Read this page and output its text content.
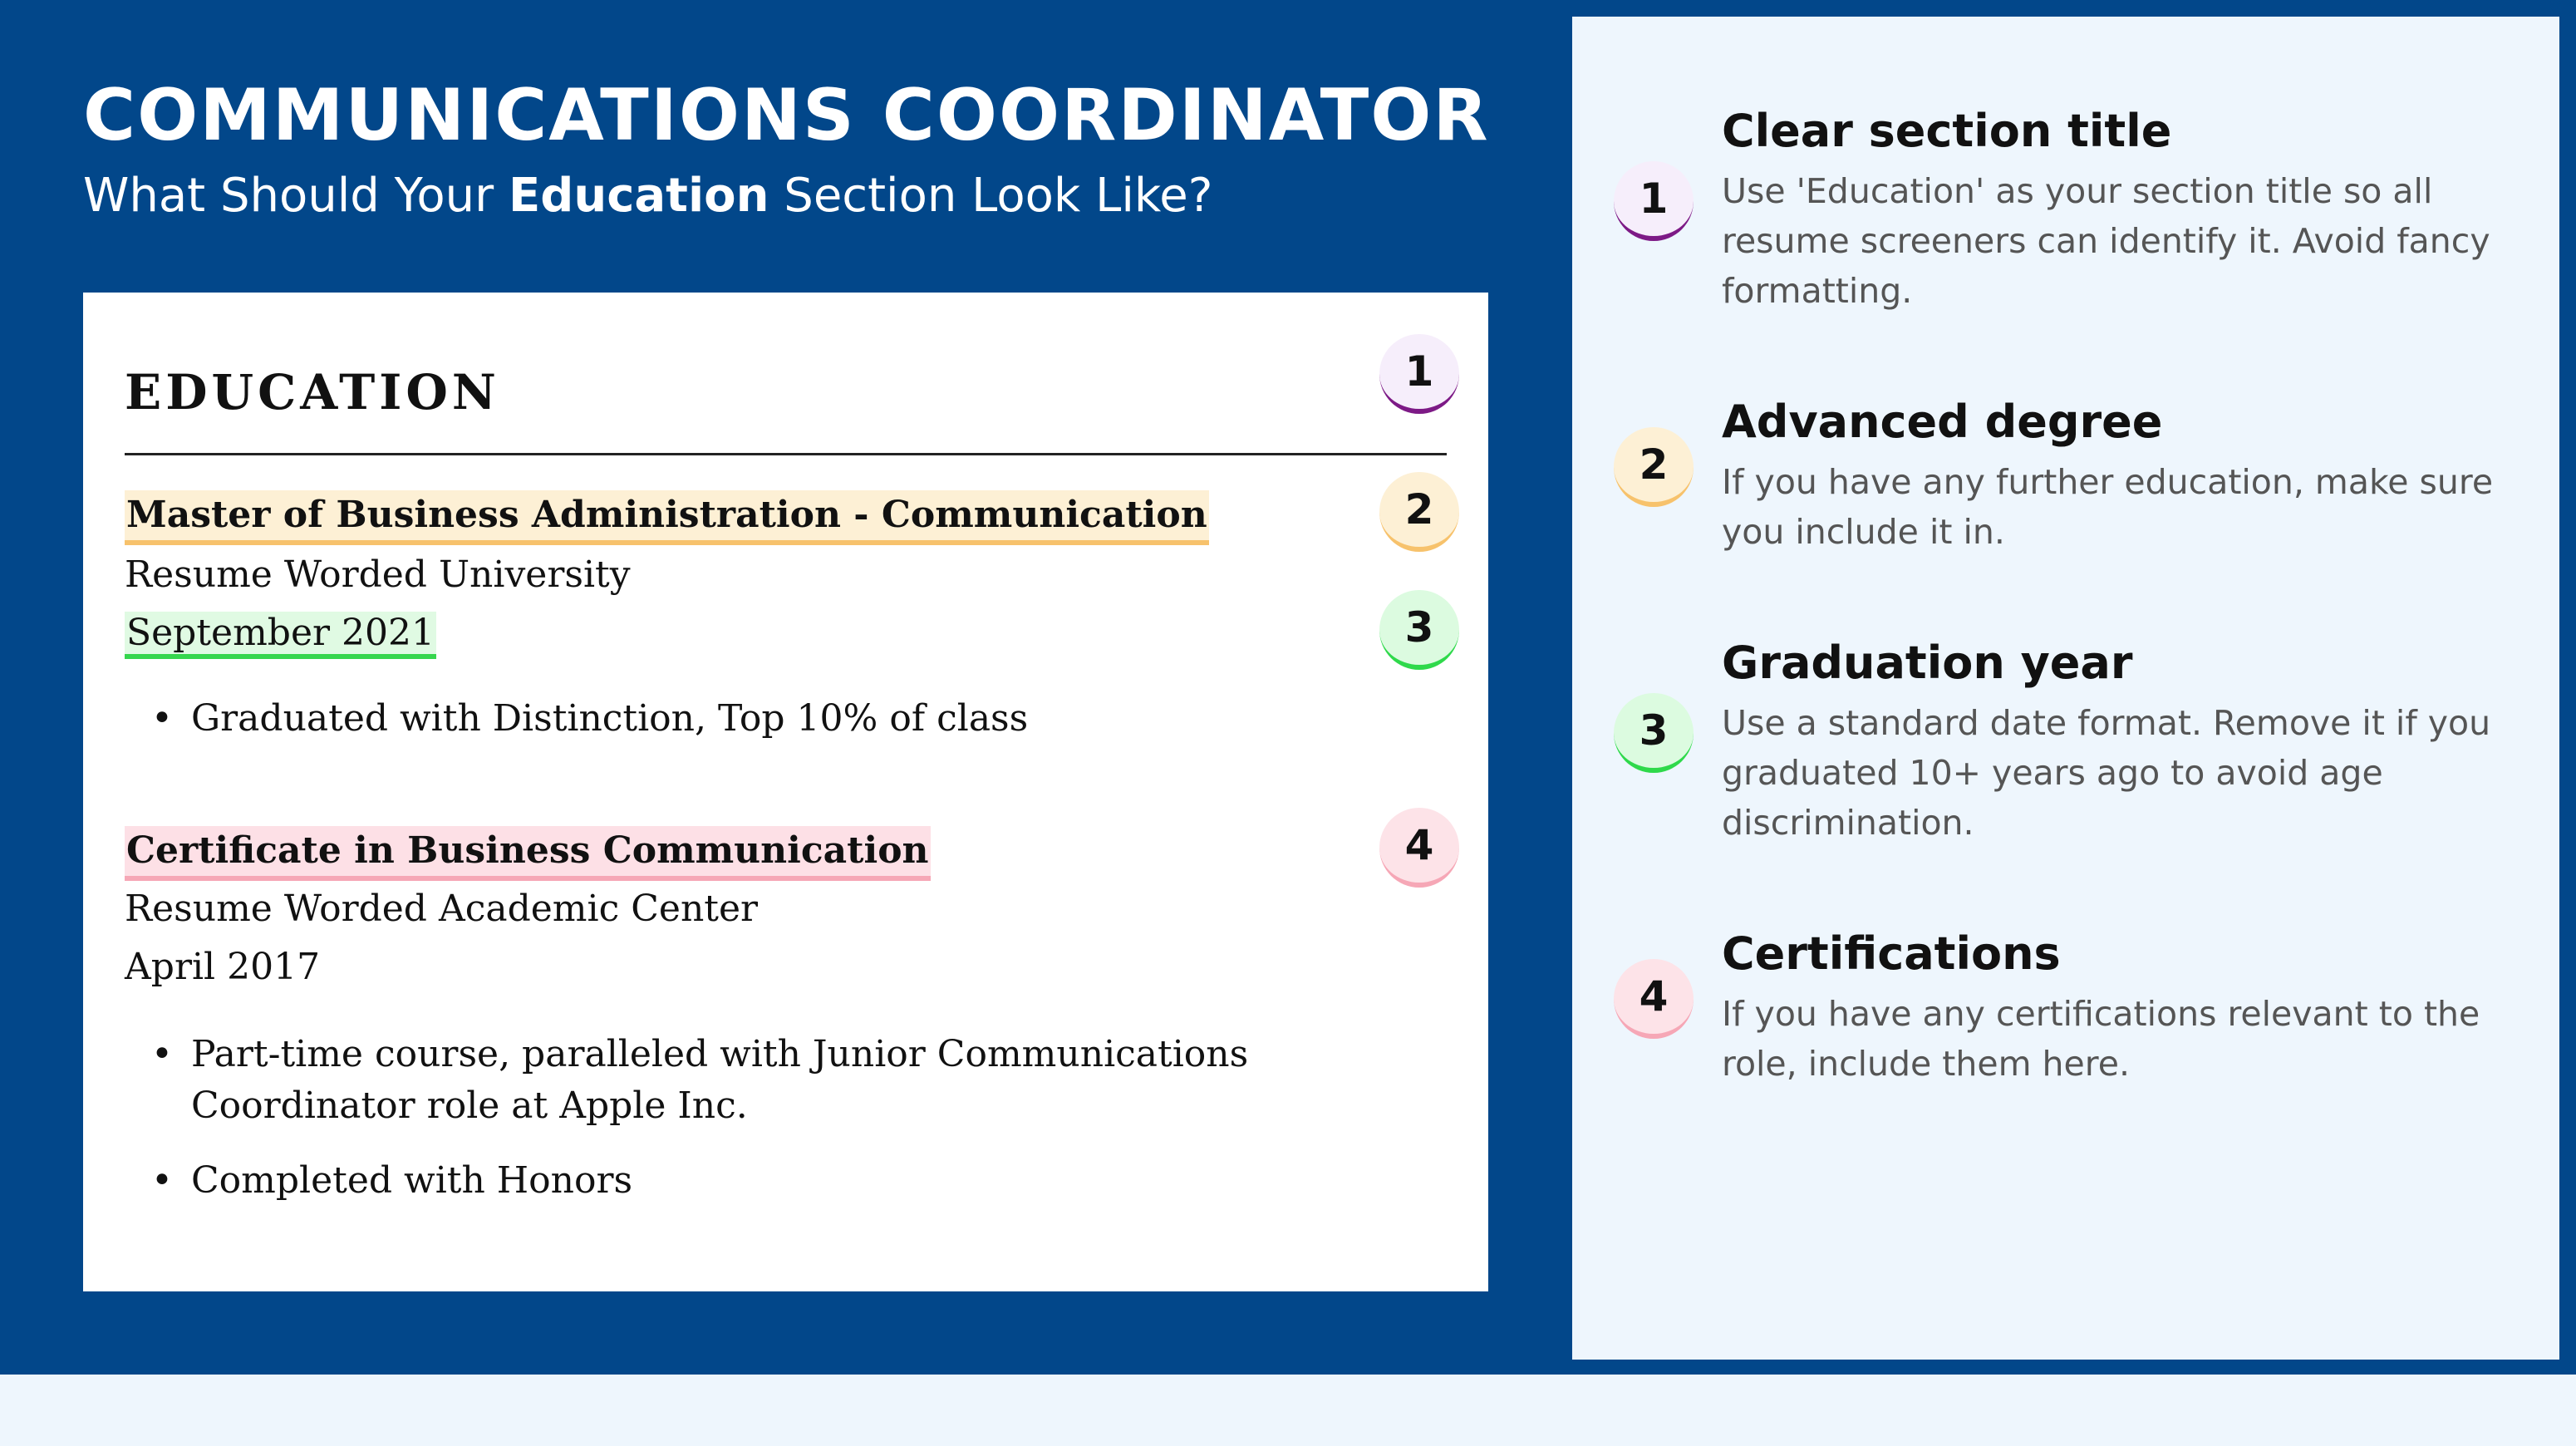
COMMUNICATIONS COORDINATOR

What Should Your Education Section Look Like?

EDUCATION	1
Master of Business Administration - Communication	2
Resume Worded University
September 2021	3
• Graduated with Distinction, Top 10% of class
Certificate in Business Communication	4
Resume Worded Academic Center
April 2017
• Part-time course, paralleled with Junior Communications Coordinator role at Apple Inc.
• Completed with Honors
1
Clear section title

Use 'Education' as your section title so all resume screeners can identify it. Avoid fancy formatting.

2
Advanced degree

If you have any further education, make sure you include it in.

3
Graduation year

Use a standard date format. Remove it if you graduated 10+ years ago to avoid age discrimination.

4
Certifications

If you have any certifications relevant to the role, include them here.
